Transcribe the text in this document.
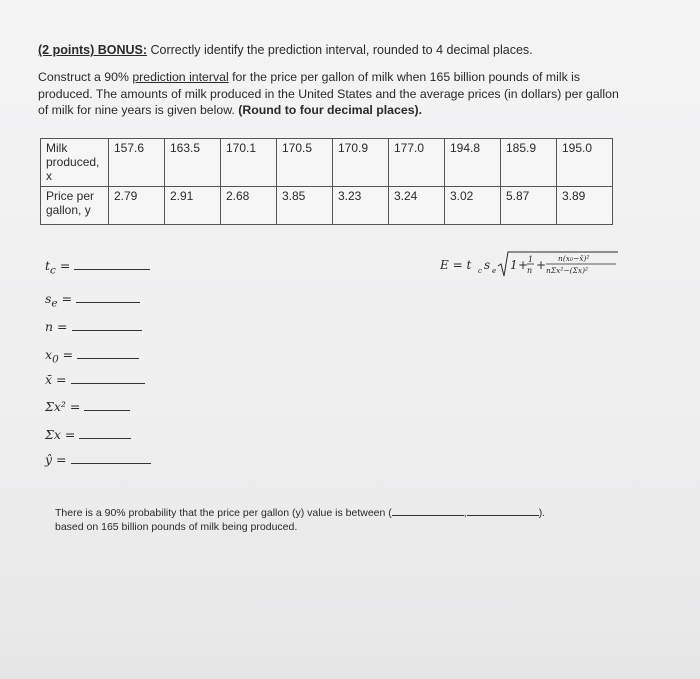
(2 points) BONUS: Correctly identify the prediction interval, rounded to 4 decimal places.
Construct a 90% prediction interval for the price per gallon of milk when 165 billion pounds of milk is produced. The amounts of milk produced in the United States and the average prices (in dollars) per gallon of milk for nine years is given below. (Round to four decimal places).
Milk produced, x	157.6	163.5	170.1	170.5	170.9	177.0	194.8	185.9	195.0
Price per gallon, y	2.79	2.91	2.68	3.85	3.23	3.24	3.02	5.87	3.89
$t_c$ =
$s_e$ =
n =
$x_0$ =
x̄ =
Σx² =
Σx =
ŷ =
E = t c s e 1 + 1
n + n(x₀−x̄)²
nΣx²−(Σx)²
There is a 90% probability that the price per gallon (y) value is between (	,	).
based on 165 billion pounds of milk being produced.
